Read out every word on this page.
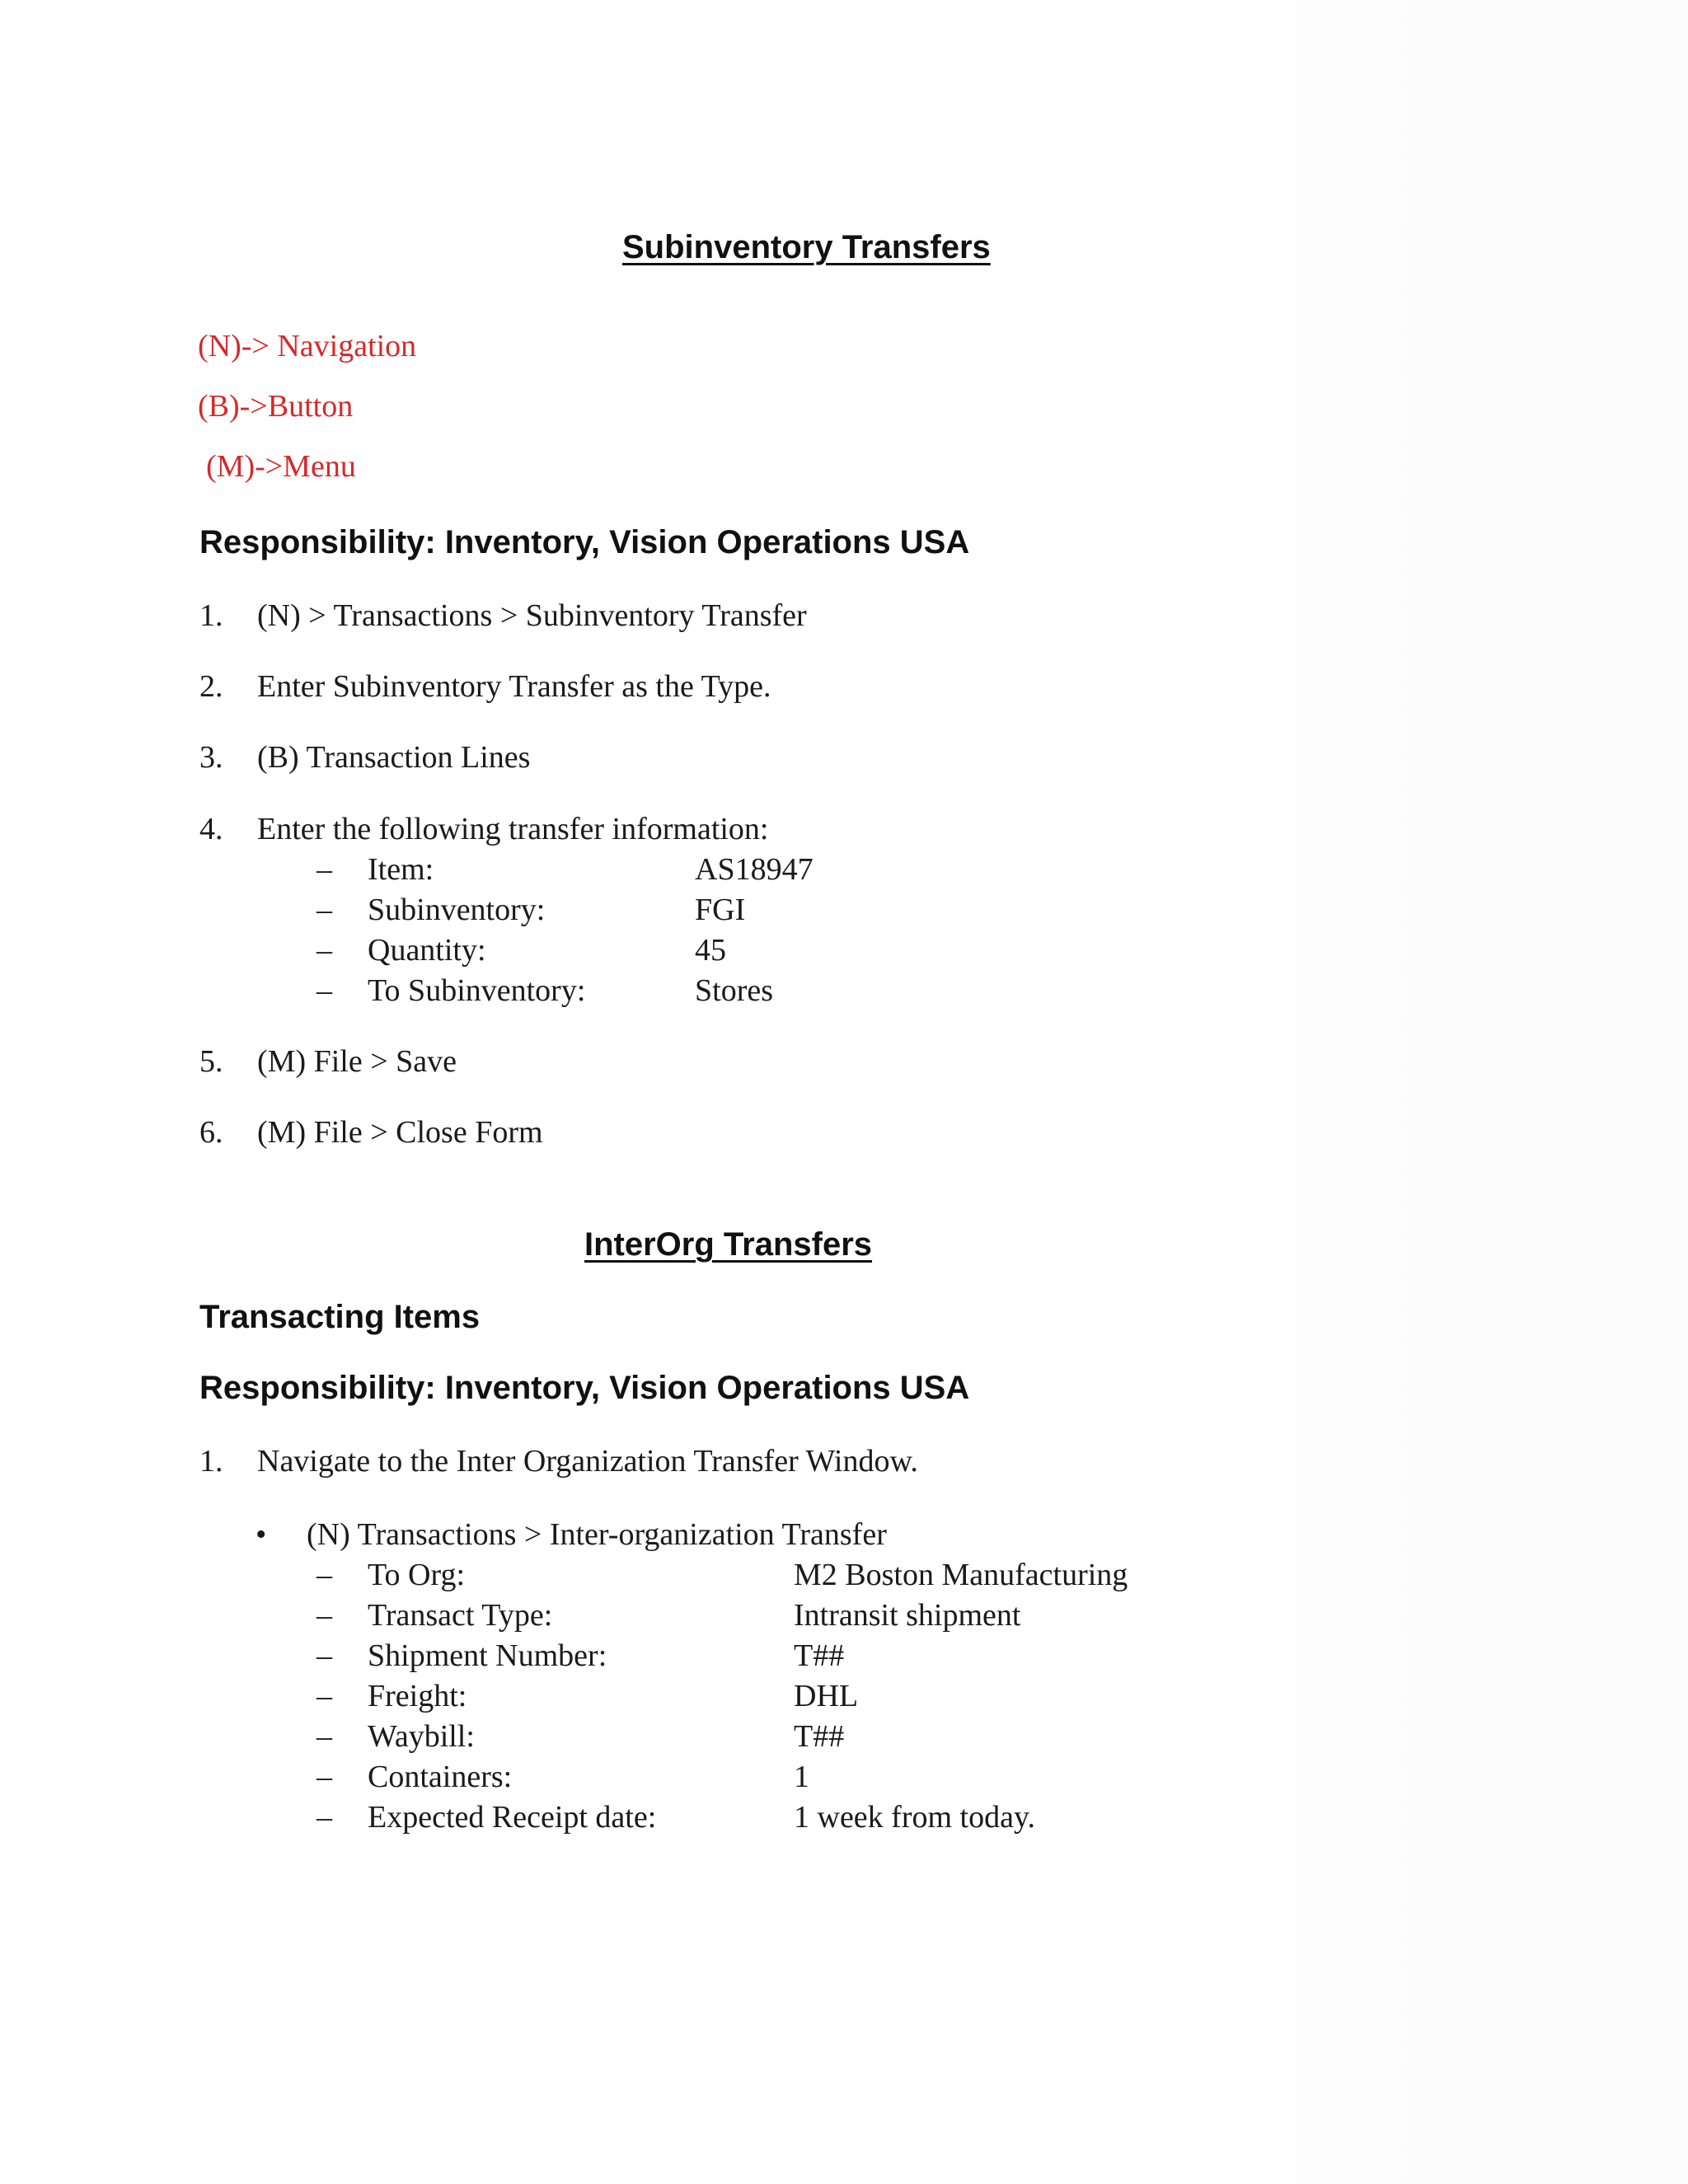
Subinventory Transfers
(N)-> Navigation
(B)->Button
(M)->Menu
Responsibility: Inventory, Vision Operations USA
1. (N) > Transactions > Subinventory Transfer
2. Enter Subinventory Transfer as the Type.
3. (B) Transaction Lines
4. Enter the following transfer information:
– Item:	AS18947
– Subinventory:	FGI
– Quantity:	45
– To Subinventory:	Stores
5. (M) File > Save
6. (M) File > Close Form
InterOrg Transfers
Transacting Items
Responsibility: Inventory, Vision Operations USA
1. Navigate to the Inter Organization Transfer Window.
• (N) Transactions > Inter-organization Transfer
– To Org:	M2 Boston Manufacturing
– Transact Type:	Intransit shipment
– Shipment Number:	T##
– Freight:	DHL
– Waybill:	T##
– Containers:	1
– Expected Receipt date:	1 week from today.
